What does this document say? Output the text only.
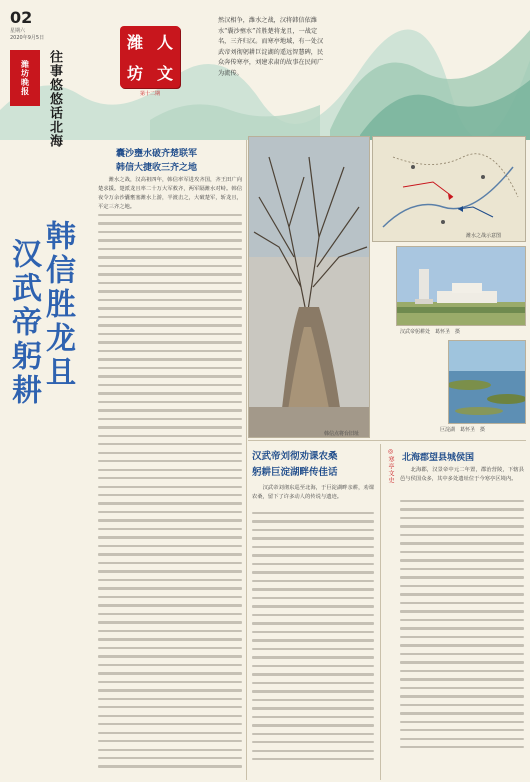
02
星期六
2020年9月5日
潍坊晚报	往事悠悠话北海
潍 人
坊 文
第十二期
然汉相争，潍水之战，汉将韩信依潍水“囊沙壅水”首胜楚将龙且，一战定名，三齐归汉。而寒亭地域，有一处汉武帝刘彻躬耕巨淀湖的遥远智慧碑，民众奔传寒亭，刘建求肃的故事在民间广为流传。
韩信胜龙且
汉武帝躬耕
囊沙壅水破齐楚联军
韩信大捷收三齐之地

潍水之战，汉高祖四年，韩信率军进攻齐国，齐王田广向楚求援。楚派龙且率二十万大军救齐，两军隔潍水对峙。韩信夜令万余沙囊壅塞潍水上游，半渡击之，大破楚军，斩龙且，平定三齐之地。

韩信点将台旧址
潍水之战示意图
汉武帝躬耕处　葛怀圣　摄
巨淀湖　葛怀圣　摄
汉武帝刘彻劝课农桑
躬耕巨淀湖畔传佳话

汉武帝刘彻东巡至北海，于巨淀湖畔亲耕，劝课农桑，留下了许多动人的传说与遗迹。

◎寒亭文史 北海郡望县城侯国

北海郡，汉景帝中元二年置，郡治营陵，下辖县邑与侯国众多，其中多处遗址位于今寒亭区境内。
